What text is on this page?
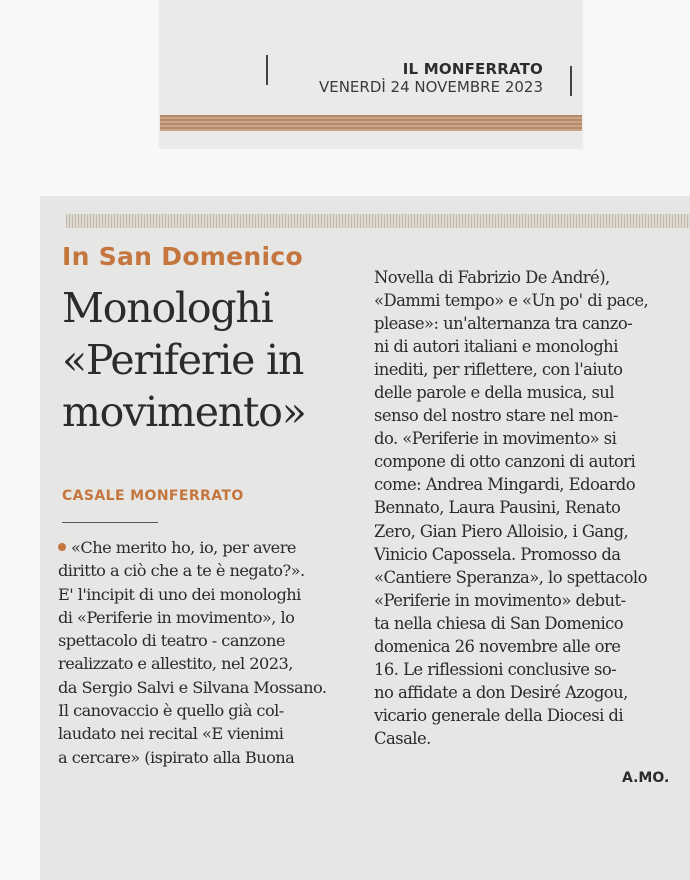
IL MONFERRATO
VENERDÌ 24 NOVEMBRE 2023
In San Domenico
Monologhi
«Periferie in
movimento»
CASALE MONFERRATO
«Che merito ho, io, per avere
diritto a ciò che a te è negato?».
E' l'incipit di uno dei monologhi
di «Periferie in movimento», lo
spettacolo di teatro - canzone
realizzato e allestito, nel 2023,
da Sergio Salvi e Silvana Mossano.
Il canovaccio è quello già col-
laudato nei recital «E vienimi
a cercare» (ispirato alla Buona
Novella di Fabrizio De André),
«Dammi tempo» e «Un po' di pace,
please»: un'alternanza tra canzo-
ni di autori italiani e monologhi
inediti, per riflettere, con l'aiuto
delle parole e della musica, sul
senso del nostro stare nel mon-
do. «Periferie in movimento» si
compone di otto canzoni di autori
come: Andrea Mingardi, Edoardo
Bennato, Laura Pausini, Renato
Zero, Gian Piero Alloisio, i Gang,
Vinicio Capossela. Promosso da
«Cantiere Speranza», lo spettacolo
«Periferie in movimento» debut-
ta nella chiesa di San Domenico
domenica 26 novembre alle ore
16. Le riflessioni conclusive so-
no affidate a don Desiré Azogou,
vicario generale della Diocesi di
Casale.
A.MO.
